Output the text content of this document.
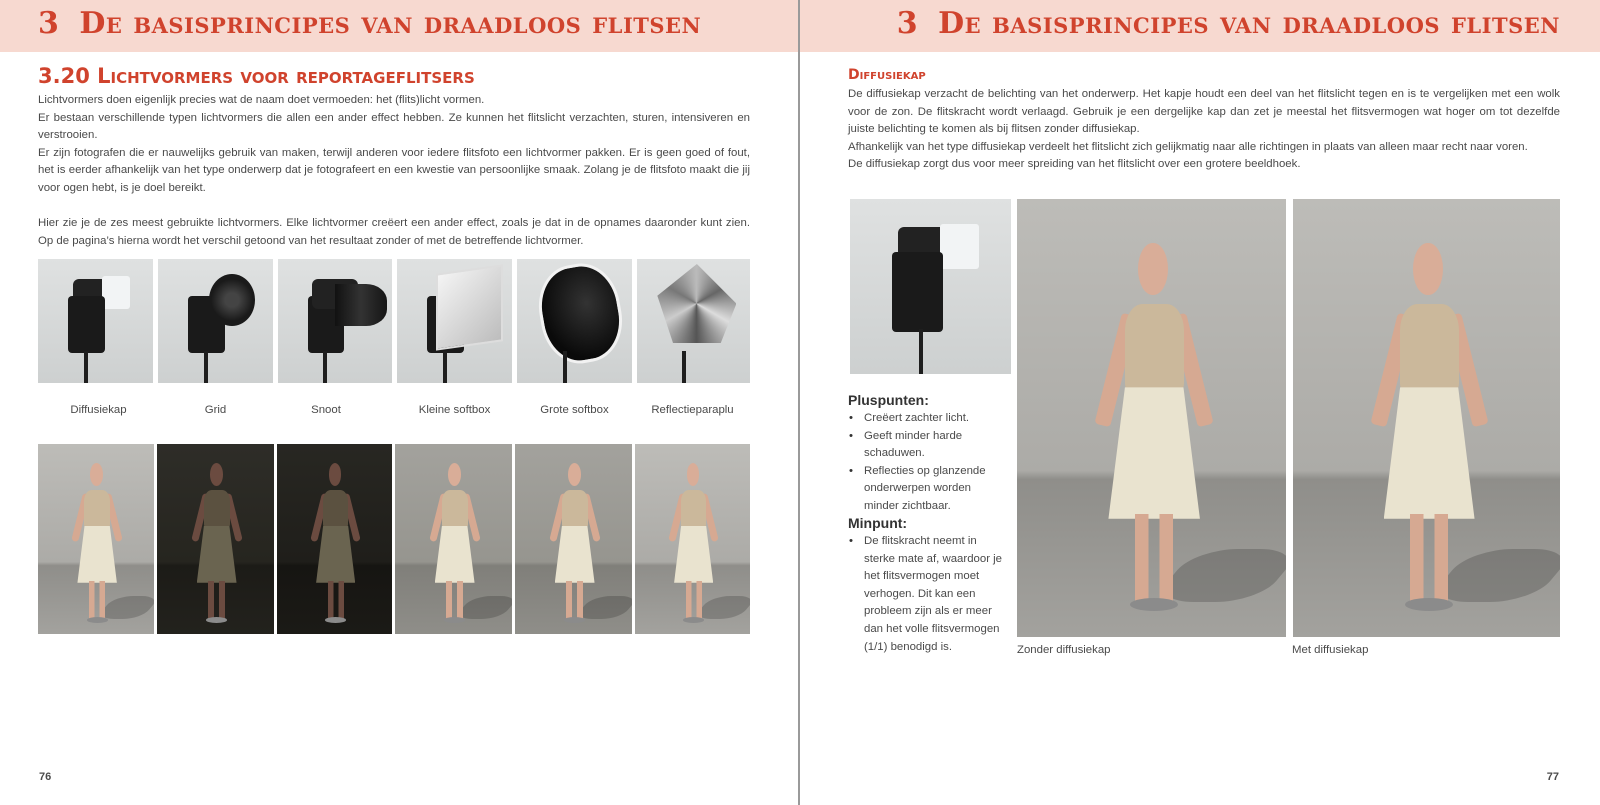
3 De basisprincipes van draadloos flitsen
3.20 Lichtvormers voor reportageflitsers

Lichtvormers doen eigenlijk precies wat de naam doet vermoeden: het (flits)licht vormen.

Er bestaan verschillende typen lichtvormers die allen een ander effect hebben. Ze kunnen het flitslicht verzachten, sturen, intensiveren en verstrooien.

Er zijn fotografen die er nauwelijks gebruik van maken, terwijl anderen voor iedere flitsfoto een lichtvormer pakken. Er is geen goed of fout, het is eerder afhankelijk van het type onderwerp dat je fotografeert en een kwestie van persoonlijke smaak. Zolang je de flitsfoto maakt die jij voor ogen hebt, is je doel bereikt.

Hier zie je de zes meest gebruikte lichtvormers. Elke lichtvormer creëert een ander effect, zoals je dat in de opnames daaronder kunt zien. Op de pagina’s hierna wordt het verschil getoond van het resultaat zonder of met de betreffende lichtvormer.

Diffusiekap	Grid	Snoot	Kleine softbox	Grote softbox	Reflectieparaplu
76
3 De basisprincipes van draadloos flitsen
Diffusiekap

De diffusiekap verzacht de belichting van het onderwerp. Het kapje houdt een deel van het flitslicht tegen en is te vergelijken met een wolk voor de zon. De flitskracht wordt verlaagd. Gebruik je een dergelijke kap dan zet je meestal het flitsvermogen wat hoger om tot dezelfde juiste belichting te komen als bij flitsen zonder diffusiekap.

Afhankelijk van het type diffusiekap verdeelt het flitslicht zich gelijkmatig naar alle richtingen in plaats van alleen maar recht naar voren.

De diffusiekap zorgt dus voor meer spreiding van het flitslicht over een grotere beeldhoek.

Pluspunten:
• Creëert zachter licht.
• Geeft minder harde schaduwen.
• Reflecties op glanzende onderwerpen worden minder zichtbaar.
Minpunt:
• De flitskracht neemt in sterke mate af, waardoor je het flitsvermogen moet verhogen. Dit kan een probleem zijn als er meer dan het volle flitsvermogen (1/1) benodigd is.	Zonder diffusiekap	Met diffusiekap
77
